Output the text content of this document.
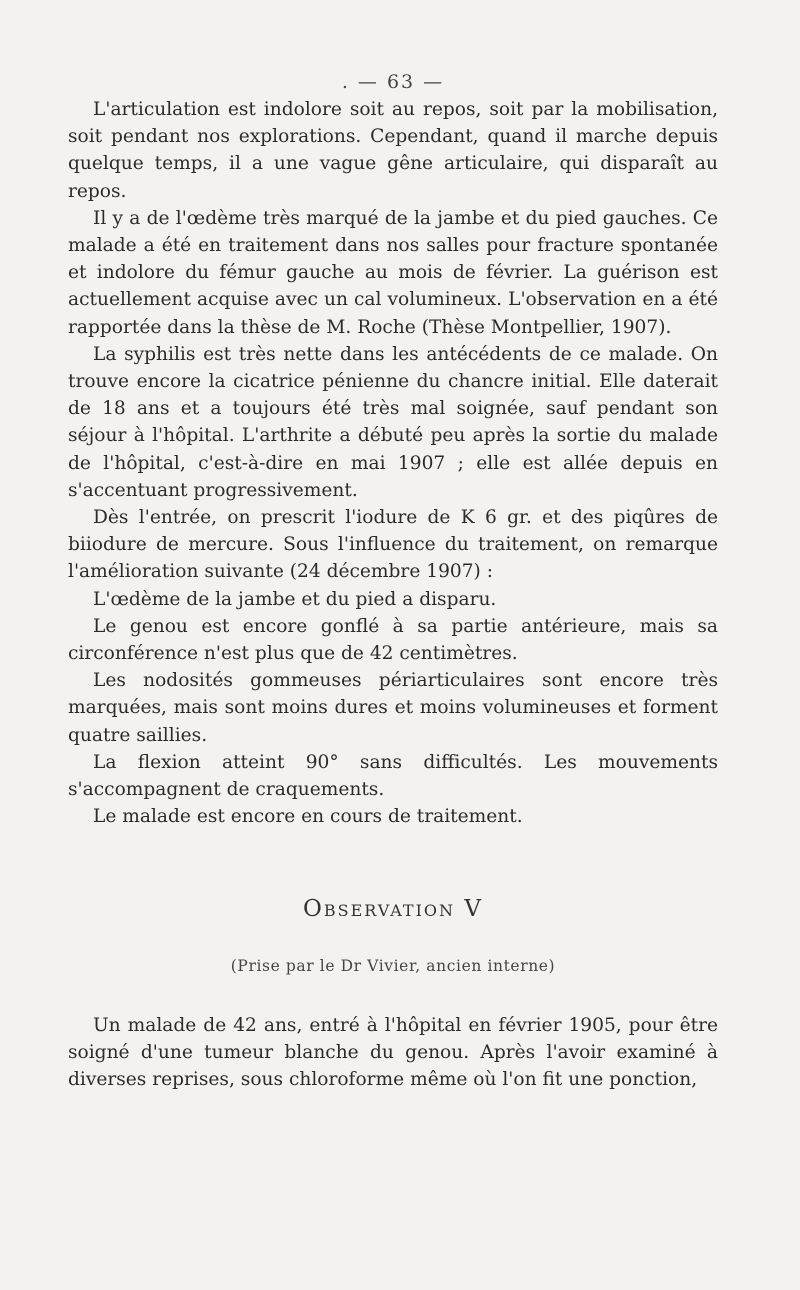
. — 63 —

L'articulation est indolore soit au repos, soit par la mobilisation, soit pendant nos explorations. Cependant, quand il marche depuis quelque temps, il a une vague gêne articulaire, qui disparaît au repos.

Il y a de l'œdème très marqué de la jambe et du pied gauches. Ce malade a été en traitement dans nos salles pour fracture spontanée et indolore du fémur gauche au mois de février. La guérison est actuellement acquise avec un cal volumineux. L'observation en a été rapportée dans la thèse de M. Roche (Thèse Montpellier, 1907).

La syphilis est très nette dans les antécédents de ce malade. On trouve encore la cicatrice pénienne du chancre initial. Elle daterait de 18 ans et a toujours été très mal soignée, sauf pendant son séjour à l'hôpital. L'arthrite a débuté peu après la sortie du malade de l'hôpital, c'est-à-dire en mai 1907 ; elle est allée depuis en s'accentuant progressivement.

Dès l'entrée, on prescrit l'iodure de K 6 gr. et des piqûres de biiodure de mercure. Sous l'influence du traitement, on remarque l'amélioration suivante (24 décembre 1907) :

L'œdème de la jambe et du pied a disparu.

Le genou est encore gonflé à sa partie antérieure, mais sa circonférence n'est plus que de 42 centimètres.

Les nodosités gommeuses périarticulaires sont encore très marquées, mais sont moins dures et moins volumineuses et forment quatre saillies.

La flexion atteint 90° sans difficultés. Les mouvements s'accompagnent de craquements.

Le malade est encore en cours de traitement.

Observation V
(Prise par le Dr Vivier, ancien interne)

Un malade de 42 ans, entré à l'hôpital en février 1905, pour être soigné d'une tumeur blanche du genou. Après l'avoir examiné à diverses reprises, sous chloroforme même où l'on fit une ponction,
